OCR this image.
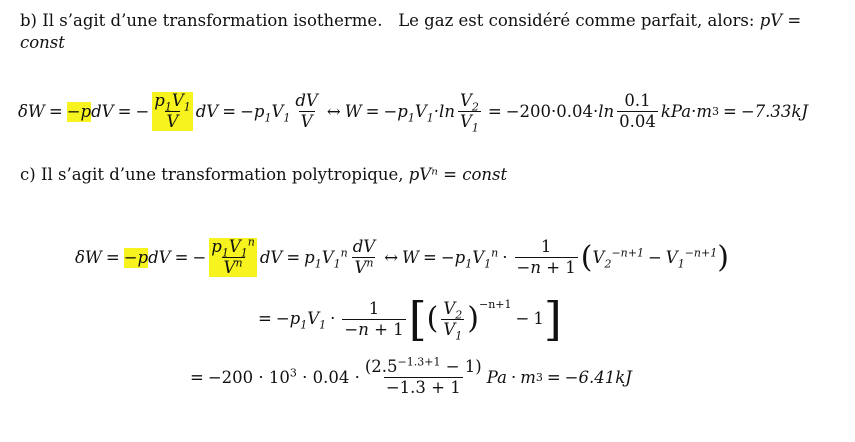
b) Il s’agit d’une transformation isotherme. Le gaz est considéré comme parfait, alors: pV = const
δW = −p dV = − $\frac{p_1V_1}{V}$ dV = $-p_1V_1 \frac{dV}{V}$ ↔ $W = -p_1V_1\cdot\ln \frac{V_2}{V_1} = -200\cdot 0.04\cdot \ln \frac{0.1}{0.04}$ kPa · m 3 = −7.33kJ
c) Il s’agit d’une transformation polytropique, pVⁿ = const
δW = −p dV = − $\frac{p_1V_1^n}{V^n}$ dV = $p_1V_1^n \frac{dV}{V^n}$ ↔ $W = -p_1V_1^n \cdot \frac{1}{-n + 1}$ ( $V_2^{-n+1} - V_1^{-n+1}$ )
= $-p_1V_1 \cdot \frac{1}{-n + 1}$ [ ( $\frac{V_2}{V_1} )^{-n+1}$
− 1 ]
= $-200 \cdot 10^3 \cdot 0.04 \cdot \frac{(2.5^{-1.3+1} - 1)}{-1.3 + 1}$ Pa · m 3 = −6.41kJ
